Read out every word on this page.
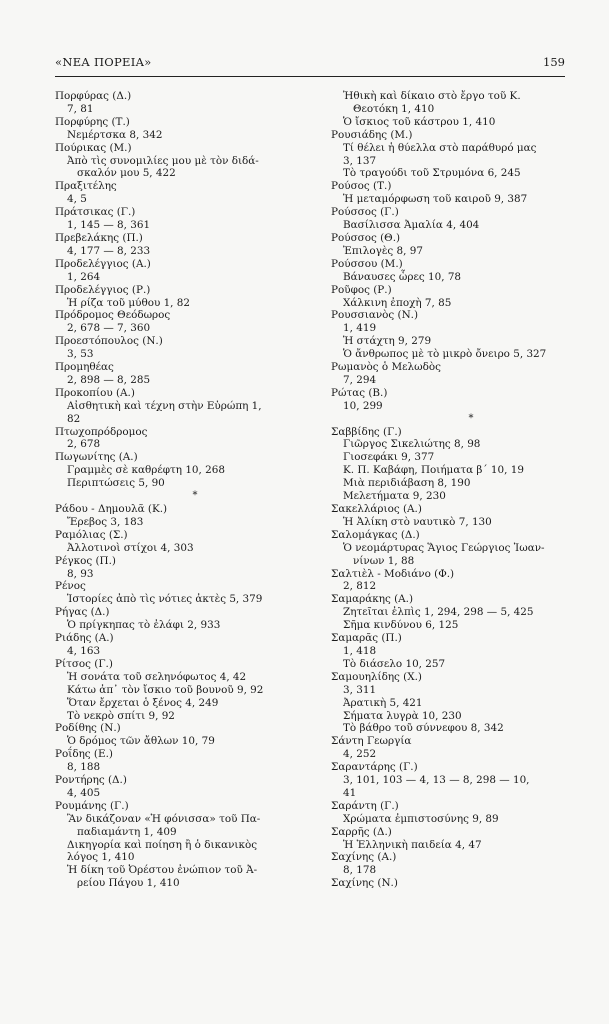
«ΝΕΑ ΠΟΡΕΙΑ»	159
Πορφύρας (Δ.)
7, 81
Πορφύρης (Τ.)
Νεμέρτσκα 8, 342
Πούρικας (Μ.)
Ἀπὸ τὶς συνομιλίες μου μὲ τὸν διδά-
σκαλόν μου 5, 422
Πραξιτέλης
4, 5
Πράτσικας (Γ.)
1, 145 — 8, 361
Πρεβελάκης (Π.)
4, 177 — 8, 233
Προδελέγγιος (Α.)
1, 264
Προδελέγγιος (Ρ.)
Ἡ ρίζα τοῦ μύθου 1, 82
Πρόδρομος Θεόδωρος
2, 678 — 7, 360
Προεστόπουλος (Ν.)
3, 53
Προμηθέας
2, 898 — 8, 285
Προκοπίου (Α.)
Αἰσθητικὴ καὶ τέχνη στὴν Εὐρώπη 1,
82
Πτωχοπρόδρομος
2, 678
Πωγωνίτης (Α.)
Γραμμὲς σὲ καθρέφτη 10, 268
Περιπτώσεις 5, 90
*
Ράδου - Δημουλᾶ (Κ.)
Ἔρεβος 3, 183
Ραμόλιας (Σ.)
Ἀλλοτινοὶ στίχοι 4, 303
Ρέγκος (Π.)
8, 93
Ρένος
Ἱστορίες ἀπὸ τὶς νότιες ἀκτὲς 5, 379
Ρήγας (Δ.)
Ὁ πρίγκηπας τὸ ἐλάφι 2, 933
Ριάδης (Α.)
4, 163
Ρίτσος (Γ.)
Ἡ σονάτα τοῦ σεληνόφωτος 4, 42
Κάτω ἀπ᾿ τὸν ἴσκιο τοῦ βουνοῦ 9, 92
Ὅταν ἔρχεται ὁ ξένος 4, 249
Τὸ νεκρὸ σπίτι 9, 92
Ροδίθης (Ν.)
Ὁ δρόμος τῶν ἄθλων 10, 79
Ροΐδης (Ε.)
8, 188
Ροντήρης (Δ.)
4, 405
Ρουμάνης (Γ.)
Ἂν δικάζοναν «Ἡ φόνισσα» τοῦ Πα-
παδιαμάντη 1, 409
Δικηγορία καὶ ποίηση ἢ ὁ δικανικὸς
λόγος 1, 410
Ἡ δίκη τοῦ Ὀρέστου ἐνώπιον τοῦ Ἀ-
ρείου Πάγου 1, 410
Ἠθικὴ καὶ δίκαιο στὸ ἔργο τοῦ Κ.
Θεοτόκη 1, 410
Ὁ ἴσκιος τοῦ κάστρου 1, 410
Ρουσιάδης (Μ.)
Τί θέλει ἡ θύελλα στὸ παράθυρό μας
3, 137
Τὸ τραγούδι τοῦ Στρυμόνα 6, 245
Ρούσος (Τ.)
Ἡ μεταμόρφωση τοῦ καιροῦ 9, 387
Ρούσσος (Γ.)
Βασίλισσα Ἀμαλία 4, 404
Ρούσσος (Θ.)
Ἐπιλογὲς 8, 97
Ρούσσου (Μ.)
Βάναυσες ὧρες 10, 78
Ροῦφος (Ρ.)
Χάλκινη ἐποχὴ 7, 85
Ρουσσιανὸς (Ν.)
1, 419
Ἡ στάχτη 9, 279
Ὁ ἄνθρωπος μὲ τὸ μικρὸ ὄνειρο 5, 327
Ρωμανὸς ὁ Μελωδὸς
7, 294
Ρώτας (Β.)
10, 299
*
Σαββίδης (Γ.)
Γιῶργος Σικελιώτης 8, 98
Γιοσεφάκι 9, 377
Κ. Π. Καβάφη, Ποιήματα β΄ 10, 19
Μιὰ περιδιάβαση 8, 190
Μελετήματα 9, 230
Σακελλάριος (Α.)
Ἡ Ἀλίκη στὸ ναυτικὸ 7, 130
Σαλομάγκας (Δ.)
Ὁ νεομάρτυρας Ἅγιος Γεώργιος Ἰωαν-
νίνων 1, 88
Σαλτιὲλ - Μοδιάνο (Φ.)
2, 812
Σαμαράκης (Α.)
Ζητεῖται ἐλπὶς 1, 294, 298 — 5, 425
Σῆμα κινδύνου 6, 125
Σαμαρᾶς (Π.)
1, 418
Τὸ διάσελο 10, 257
Σαμουηλίδης (Χ.)
3, 311
Ἀρατικὴ 5, 421
Σήματα λυγρὰ 10, 230
Τὸ βάθρο τοῦ σύννεφου 8, 342
Σάντη Γεωργία
4, 252
Σαραντάρης (Γ.)
3, 101, 103 — 4, 13 — 8, 298 — 10,
41
Σαράντη (Γ.)
Χρώματα ἐμπιστοσύνης 9, 89
Σαρρῆς (Δ.)
Ἡ Ἑλληνικὴ παιδεία 4, 47
Σαχίνης (Α.)
8, 178
Σαχίνης (Ν.)
